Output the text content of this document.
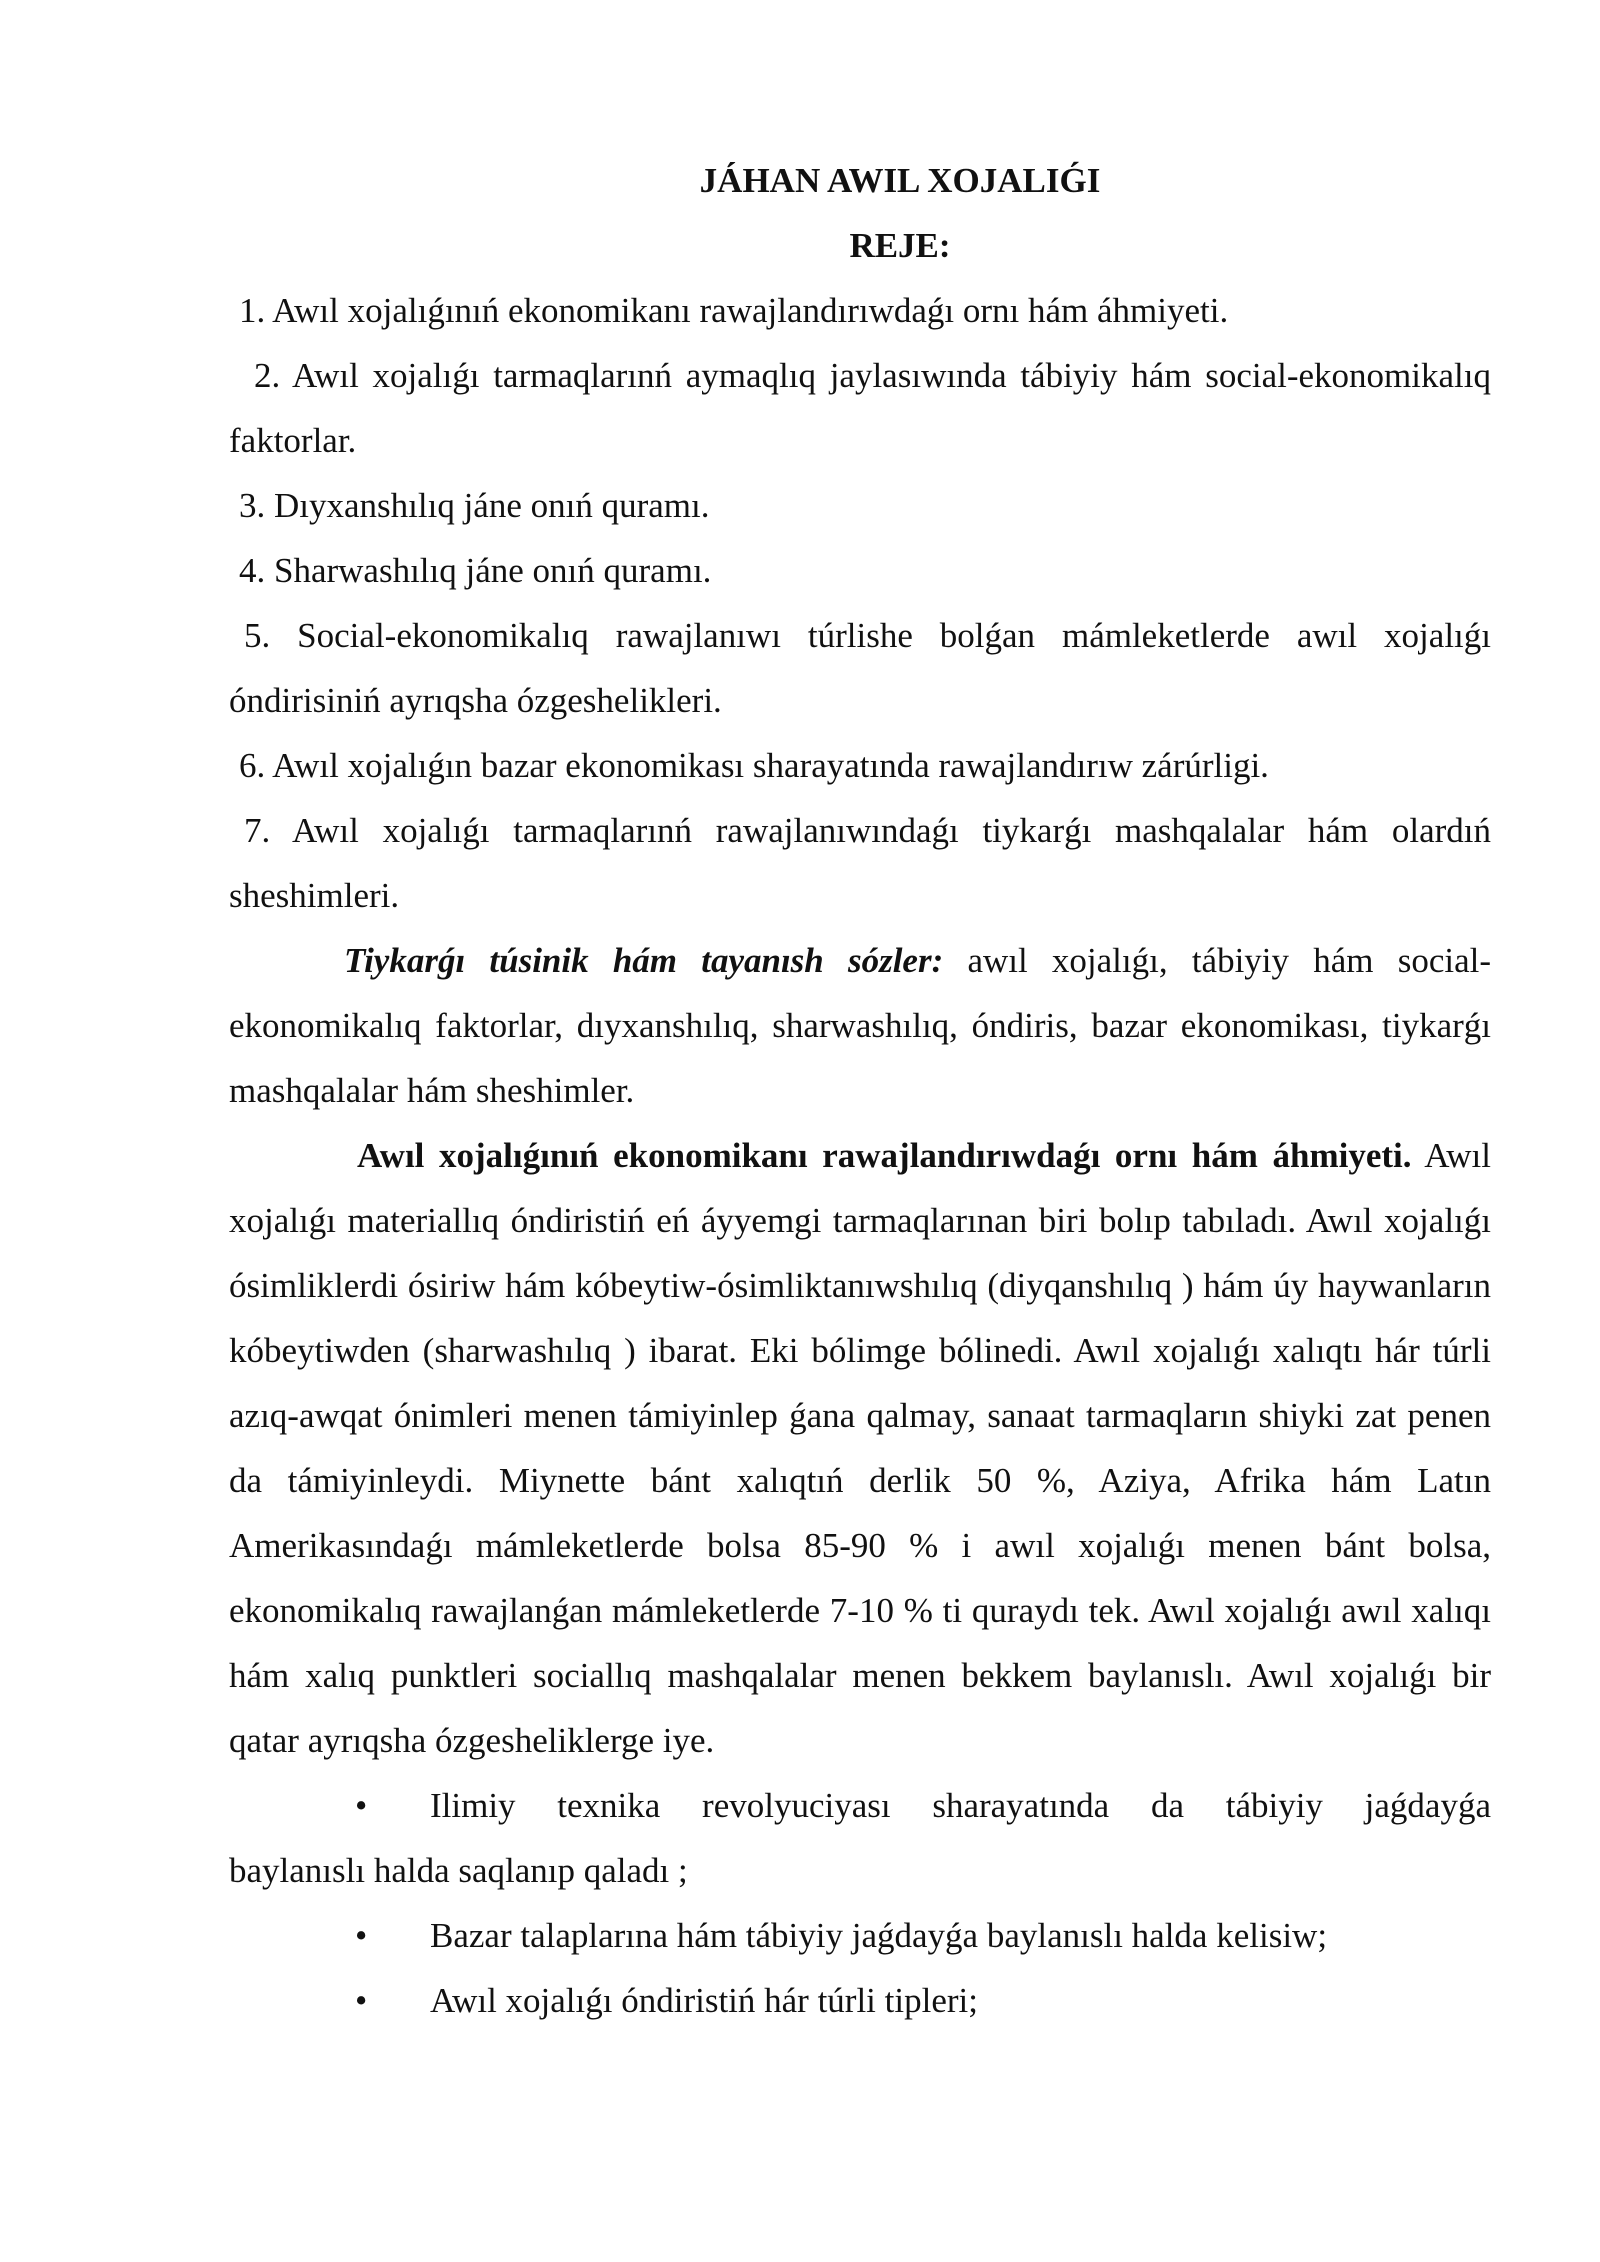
JÁHAN AWIL XOJALIǴI

REJE:

1. Awıl xojalıǵınıń ekonomikanı rawajlandırıwdaǵı ornı hám áhmiyeti.

2. Awıl xojalıǵı tarmaqlarınń aymaqlıq jaylasıwında tábiyiy hám social-ekonomikalıq faktorlar.

3. Dıyxanshılıq jáne onıń quramı.

4. Sharwashılıq jáne onıń quramı.

5. Social-ekonomikalıq rawajlanıwı túrlishe bolǵan mámleketlerde awıl xojalıǵı óndirisiniń ayrıqsha ózgeshelikleri.

6. Awıl xojalıǵın bazar ekonomikası sharayatında rawajlandırıw zárúrligi.

7. Awıl xojalıǵı tarmaqlarınń rawajlanıwındaǵı tiykarǵı mashqalalar hám olardıń sheshimleri.

Tiykarǵı túsinik hám tayanısh sózler: awıl xojalıǵı, tábiyiy hám social-ekonomikalıq faktorlar, dıyxanshılıq, sharwashılıq, óndiris, bazar ekonomikası, tiykarǵı mashqalalar hám sheshimler.

Awıl xojalıǵınıń ekonomikanı rawajlandırıwdaǵı ornı hám áhmiyeti. Awıl xojalıǵı materiallıq óndiristiń eń áyyemgi tarmaqlarınan biri bolıp tabıladı. Awıl xojalıǵı ósimliklerdi ósiriw hám kóbeytiw-ósimliktanıwshılıq (diyqanshılıq ) hám úy haywanların kóbeytiwden (sharwashılıq ) ibarat. Eki bólimge bólinedi. Awıl xojalıǵı xalıqtı hár túrli azıq-awqat ónimleri menen támiyinlep ǵana qalmay, sanaat tarmaqların shiyki zat penen da támiyinleydi. Miynette bánt xalıqtıń derlik 50 %, Aziya, Afrika hám Latın Amerikasındaǵı mámleketlerde bolsa 85-90 % i awıl xojalıǵı menen bánt bolsa, ekonomikalıq rawajlanǵan mámleketlerde 7-10 % ti quraydı tek. Awıl xojalıǵı awıl xalıqı hám xalıq punktleri sociallıq mashqalalar menen bekkem baylanıslı. Awıl xojalıǵı bir qatar ayrıqsha ózgesheliklerge iye.

•	Ilimiy texnika revolyuciyası sharayatında da tábiyiy jaǵdayǵa

baylanıslı halda saqlanıp qaladı ;

•	Bazar talaplarına hám tábiyiy jaǵdayǵa baylanıslı halda kelisiw;
•	Awıl xojalıǵı óndiristiń hár túrli tipleri;
